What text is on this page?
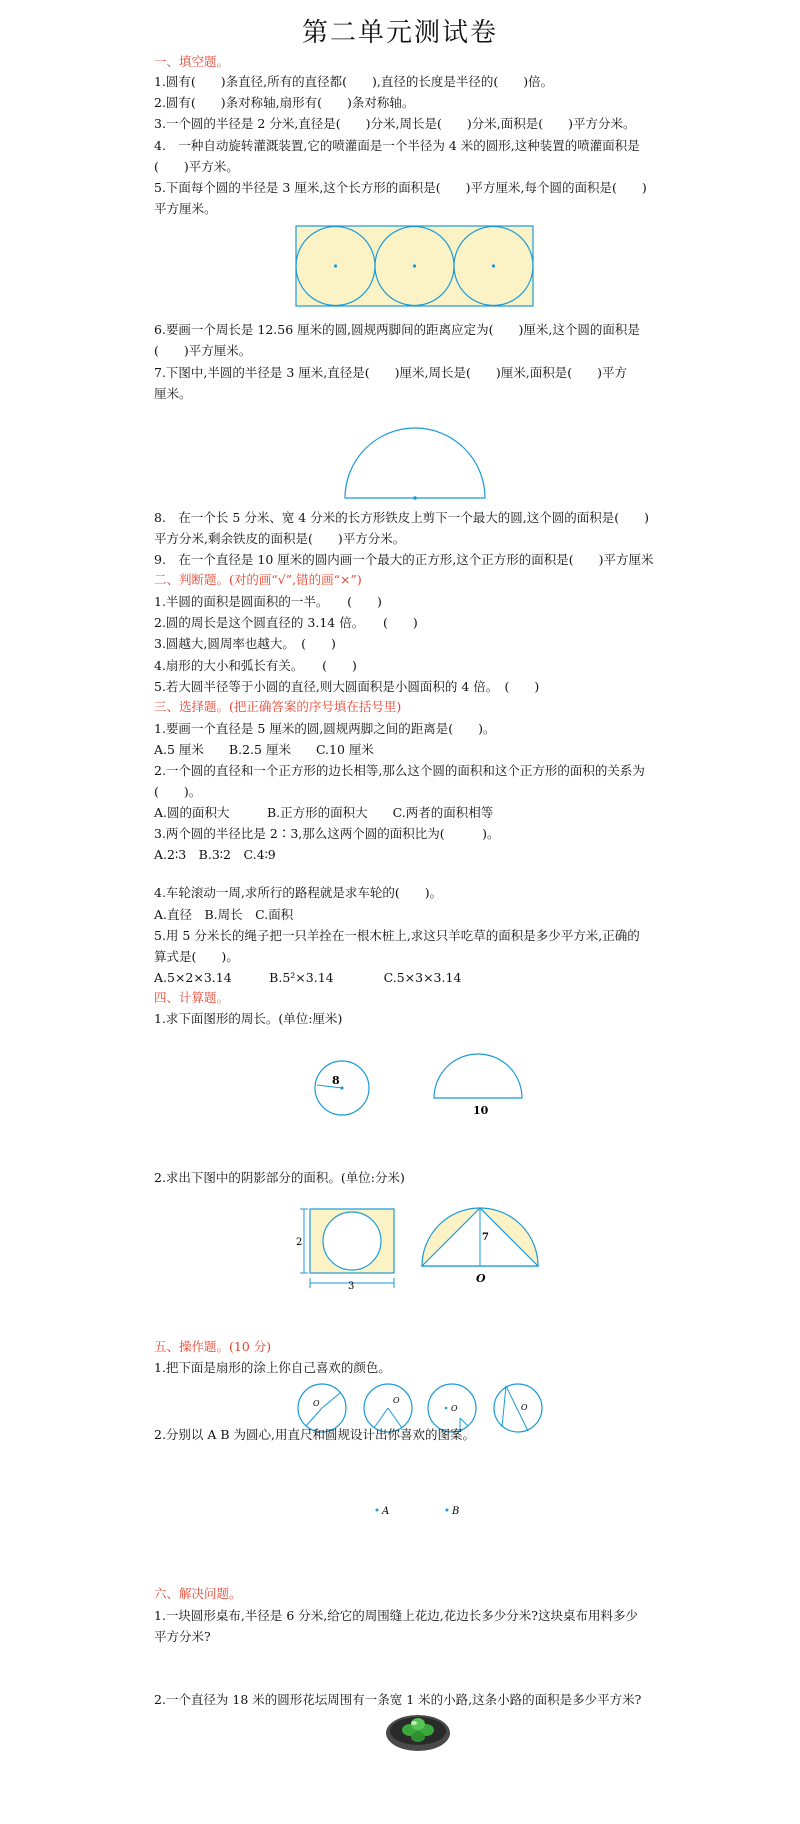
第二单元测试卷
一、填空题。
1.圆有(　　)条直径,所有的直径都(　　),直径的长度是半径的(　　)倍。
2.圆有(　　)条对称轴,扇形有(　　)条对称轴。
3.一个圆的半径是 2 分米,直径是(　　)分米,周长是(　　)分米,面积是(　　)平方分米。
4.　一种自动旋转灌溉装置,它的喷灌面是一个半径为 4 米的圆形,这种装置的喷灌面积是
(　　)平方米。
5.下面每个圆的半径是 3 厘米,这个长方形的面积是(　　)平方厘米,每个圆的面积是(　　)
平方厘米。
6.要画一个周长是 12.56 厘米的圆,圆规两脚间的距离应定为(　　)厘米,这个圆的面积是
(　　)平方厘米。
7.下图中,半圆的半径是 3 厘米,直径是(　　)厘米,周长是(　　)厘米,面积是(　　)平方
厘米。
8.　在一个长 5 分米、宽 4 分米的长方形铁皮上剪下一个最大的圆,这个圆的面积是(　　)
平方分米,剩余铁皮的面积是(　　)平方分米。
9.　在一个直径是 10 厘米的圆内画一个最大的正方形,这个正方形的面积是(　　)平方厘米
二、判断题。(对的画“√”,错的画“×”)
1.半圆的面积是圆面积的一半。　　(　　)
2.圆的周长是这个圆直径的 3.14 倍。　　(　　)
3.圆越大,圆周率也越大。　(　　)
4.扇形的大小和弧长有关。　　(　　)
5.若大圆半径等于小圆的直径,则大圆面积是小圆面积的 4 倍。　(　　)
三、选择题。(把正确答案的序号填在括号里)
1.要画一个直径是 5 厘米的圆,圆规两脚之间的距离是(　　)。
A.5 厘米　　B.2.5 厘米　　C.10 厘米
2.一个圆的直径和一个正方形的边长相等,那么这个圆的面积和这个正方形的面积的关系为
(　　)。
A.圆的面积大　　　B.正方形的面积大　　C.两者的面积相等
3.两个圆的半径比是 2∶3,那么这两个圆的面积比为(　　　)。
A.2∶3　B.3∶2　C.4∶9
4.车轮滚动一周,求所行的路程就是求车轮的(　　)。
A.直径　B.周长　C.面积
5.用 5 分米长的绳子把一只羊拴在一根木桩上,求这只羊吃草的面积是多少平方米,正确的
算式是(　　)。
A.5×2×3.14　　　B.5²×3.14　　　　C.5×3×3.14
四、计算题。
1.求下面图形的周长。(单位:厘米)
8
10
2.求出下图中的阴影部分的面积。(单位:分米)
2
3
7
O
五、操作题。(10 分)
1.把下面是扇形的涂上你自己喜欢的颜色。
O	O
O	O
2.分别以 A B 为圆心,用直尺和圆规设计出你喜欢的图案。
A	B
六、解决问题。
1.一块圆形桌布,半径是 6 分米,给它的周围缝上花边,花边长多少分米?这块桌布用料多少
平方分米?
2.一个直径为 18 米的圆形花坛周围有一条宽 1 米的小路,这条小路的面积是多少平方米?
